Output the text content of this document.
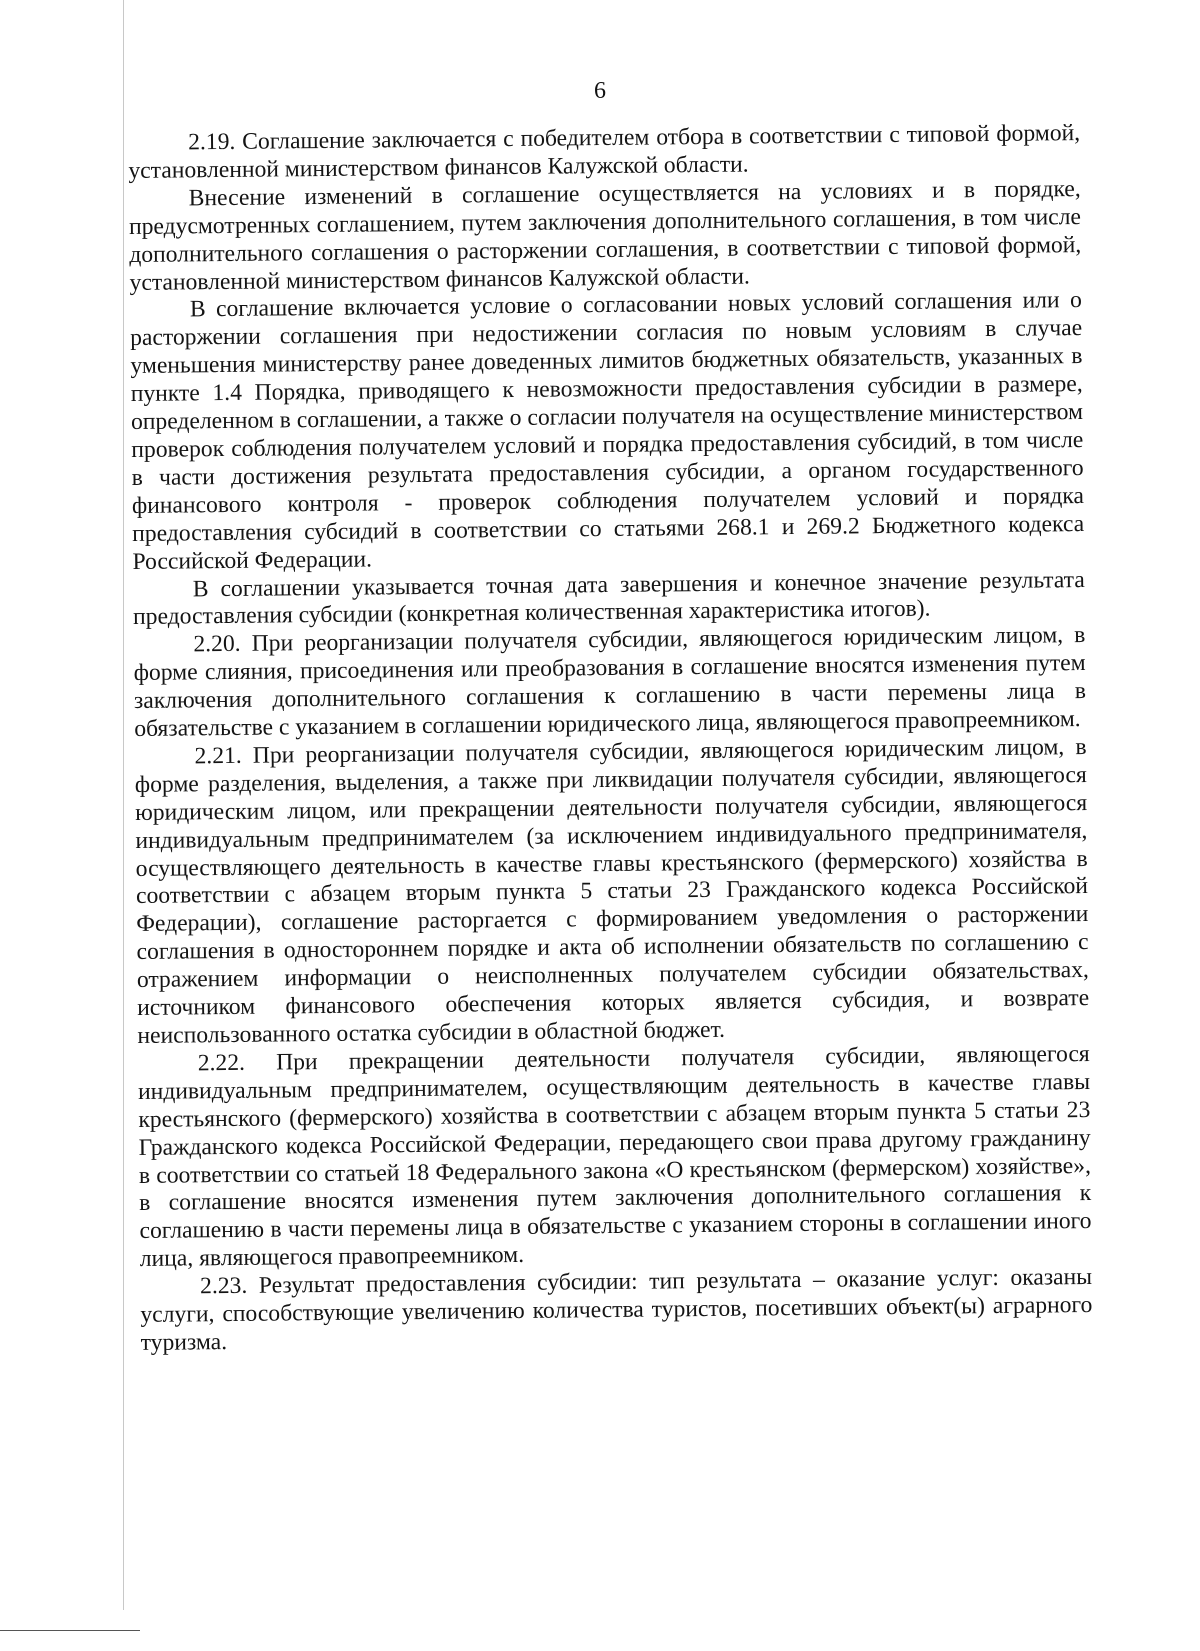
6

2.19. Соглашение заключается с победителем отбора в соответствии с типовой формой, установленной министерством финансов Калужской области.

Внесение изменений в соглашение осуществляется на условиях и в порядке, предусмотренных соглашением, путем заключения дополнительного соглашения, в том числе дополнительного соглашения о расторжении соглашения, в соответствии с типовой формой, установленной министерством финансов Калужской области.

В соглашение включается условие о согласовании новых условий соглашения или о расторжении соглашения при недостижении согласия по новым условиям в случае уменьшения министерству ранее доведенных лимитов бюджетных обязательств, указанных в пункте 1.4 Порядка, приводящего к невозможности предоставления субсидии в размере, определенном в соглашении, а также о согласии получателя на осуществление министерством проверок соблюдения получателем условий и порядка предоставления субсидий, в том числе в части достижения результата предоставления субсидии, а органом государственного финансового контроля - проверок соблюдения получателем условий и порядка предоставления субсидий в соответствии со статьями 268.1 и 269.2 Бюджетного кодекса Российской Федерации.

В соглашении указывается точная дата завершения и конечное значение результата предоставления субсидии (конкретная количественная характеристика итогов).

2.20. При реорганизации получателя субсидии, являющегося юридическим лицом, в форме слияния, присоединения или преобразования в соглашение вносятся изменения путем заключения дополнительного соглашения к соглашению в части перемены лица в обязательстве с указанием в соглашении юридического лица, являющегося правопреемником.

2.21. При реорганизации получателя субсидии, являющегося юридическим лицом, в форме разделения, выделения, а также при ликвидации получателя субсидии, являющегося юридическим лицом, или прекращении деятельности получателя субсидии, являющегося индивидуальным предпринимателем (за исключением индивидуального предпринимателя, осуществляющего деятельность в качестве главы крестьянского (фермерского) хозяйства в соответствии с абзацем вторым пункта 5 статьи 23 Гражданского кодекса Российской Федерации), соглашение расторгается с формированием уведомления о расторжении соглашения в одностороннем порядке и акта об исполнении обязательств по соглашению с отражением информации о неисполненных получателем субсидии обязательствах, источником финансового обеспечения которых является субсидия, и возврате неиспользованного остатка субсидии в областной бюджет.

2.22. При прекращении деятельности получателя субсидии, являющегося индивидуальным предпринимателем, осуществляющим деятельность в качестве главы крестьянского (фермерского) хозяйства в соответствии с абзацем вторым пункта 5 статьи 23 Гражданского кодекса Российской Федерации, передающего свои права другому гражданину в соответствии со статьей 18 Федерального закона «О крестьянском (фермерском) хозяйстве», в соглашение вносятся изменения путем заключения дополнительного соглашения к соглашению в части перемены лица в обязательстве с указанием стороны в соглашении иного лица, являющегося правопреемником.

2.23. Результат предоставления субсидии: тип результата – оказание услуг: оказаны услуги, способствующие увеличению количества туристов, посетивших объект(ы) аграрного туризма.
